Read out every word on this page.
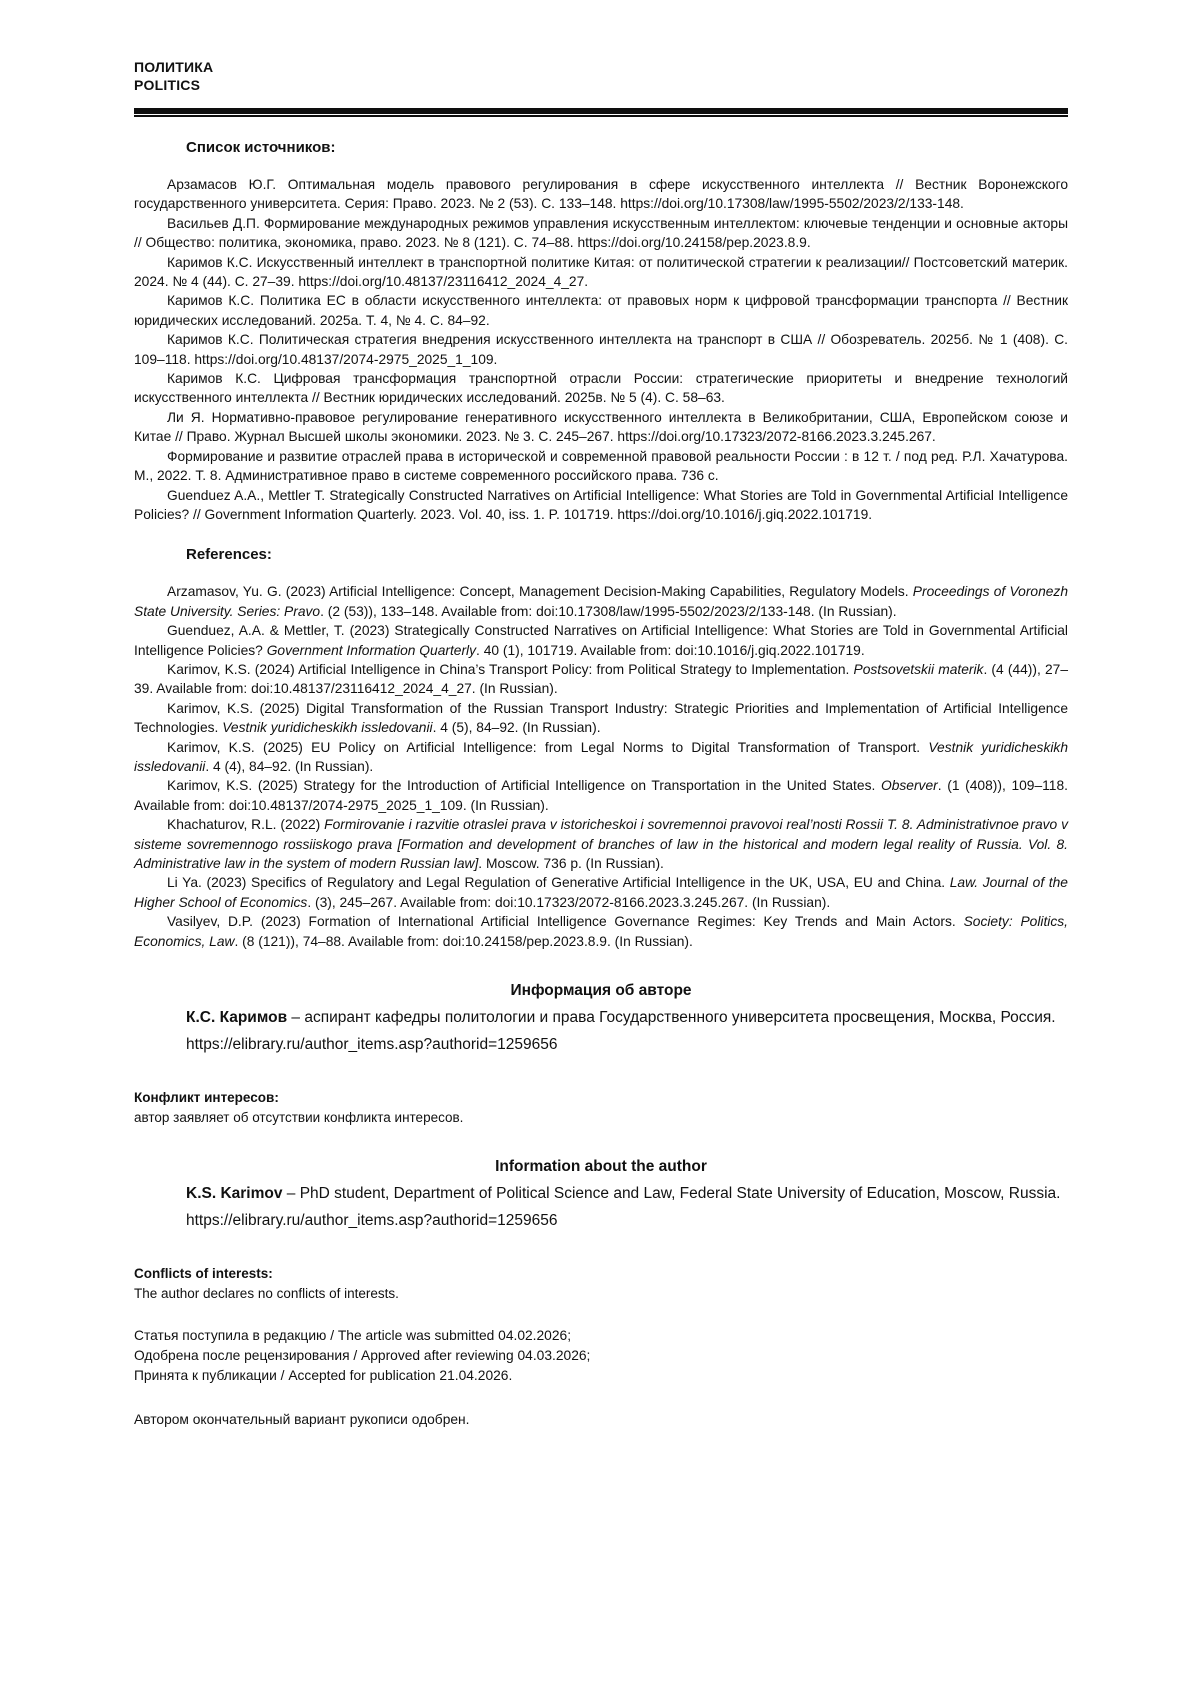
ПОЛИТИКА
POLITICS
Список источников:

Арзамасов Ю.Г. Оптимальная модель правового регулирования в сфере искусственного интеллекта // Вестник Воронежского государственного университета. Серия: Право. 2023. № 2 (53). С. 133–148. https://doi.org/10.17308/law/1995-5502/2023/2/133-148.

Васильев Д.П. Формирование международных режимов управления искусственным интеллектом: ключевые тенденции и основные акторы // Общество: политика, экономика, право. 2023. № 8 (121). С. 74–88. https://doi.org/10.24158/pep.2023.8.9.

Каримов К.С. Искусственный интеллект в транспортной политике Китая: от политической стратегии к реализации// Постсоветский материк. 2024. № 4 (44). С. 27–39. https://doi.org/10.48137/23116412_2024_4_27.

Каримов К.С. Политика ЕС в области искусственного интеллекта: от правовых норм к цифровой трансформации транспорта // Вестник юридических исследований. 2025а. Т. 4, № 4. С. 84–92.

Каримов К.С. Политическая стратегия внедрения искусственного интеллекта на транспорт в США // Обозреватель. 2025б. № 1 (408). С. 109–118. https://doi.org/10.48137/2074-2975_2025_1_109.

Каримов К.С. Цифровая трансформация транспортной отрасли России: стратегические приоритеты и внедрение технологий искусственного интеллекта // Вестник юридических исследований. 2025в. № 5 (4). С. 58–63.

Ли Я. Нормативно-правовое регулирование генеративного искусственного интеллекта в Великобритании, США, Европейском союзе и Китае // Право. Журнал Высшей школы экономики. 2023. № 3. С. 245–267. https://doi.org/10.17323/2072-8166.2023.3.245.267.

Формирование и развитие отраслей права в исторической и современной правовой реальности России : в 12 т. / под ред. Р.Л. Хачатурова. М., 2022. Т. 8. Административное право в системе современного российского права. 736 с.

Guenduez A.A., Mettler T. Strategically Constructed Narratives on Artificial Intelligence: What Stories are Told in Governmental Artificial Intelligence Policies? // Government Information Quarterly. 2023. Vol. 40, iss. 1. P. 101719. https://doi.org/10.1016/j.giq.2022.101719.

References:

Arzamasov, Yu. G. (2023) Artificial Intelligence: Concept, Management Decision-Making Capabilities, Regulatory Models. Proceedings of Voronezh State University. Series: Pravo. (2 (53)), 133–148. Available from: doi:10.17308/law/1995-5502/2023/2/133-148. (In Russian).

Guenduez, A.A. & Mettler, T. (2023) Strategically Constructed Narratives on Artificial Intelligence: What Stories are Told in Governmental Artificial Intelligence Policies? Government Information Quarterly. 40 (1), 101719. Available from: doi:10.1016/j.giq.2022.101719.

Karimov, K.S. (2024) Artificial Intelligence in China’s Transport Policy: from Political Strategy to Implementation. Postsovetskii materik. (4 (44)), 27–39. Available from: doi:10.48137/23116412_2024_4_27. (In Russian).

Karimov, K.S. (2025) Digital Transformation of the Russian Transport Industry: Strategic Priorities and Implementation of Artificial Intelligence Technologies. Vestnik yuridicheskikh issledovanii. 4 (5), 84–92. (In Russian).

Karimov, K.S. (2025) EU Policy on Artificial Intelligence: from Legal Norms to Digital Transformation of Transport. Vestnik yuridicheskikh issledovanii. 4 (4), 84–92. (In Russian).

Karimov, K.S. (2025) Strategy for the Introduction of Artificial Intelligence on Transportation in the United States. Observer. (1 (408)), 109–118. Available from: doi:10.48137/2074-2975_2025_1_109. (In Russian).

Khachaturov, R.L. (2022) Formirovanie i razvitie otraslei prava v istoricheskoi i sovremennoi pravovoi real’nosti Rossii T. 8. Administrativnoe pravo v sisteme sovremennogo rossiiskogo prava [Formation and development of branches of law in the historical and modern legal reality of Russia. Vol. 8. Administrative law in the system of modern Russian law]. Moscow. 736 p. (In Russian).

Li Ya. (2023) Specifics of Regulatory and Legal Regulation of Generative Artificial Intelligence in the UK, USA, EU and China. Law. Journal of the Higher School of Economics. (3), 245–267. Available from: doi:10.17323/2072-8166.2023.3.245.267. (In Russian).

Vasilyev, D.P. (2023) Formation of International Artificial Intelligence Governance Regimes: Key Trends and Main Actors. Society: Politics, Economics, Law. (8 (121)), 74–88. Available from: doi:10.24158/pep.2023.8.9. (In Russian).

Информация об авторе

К.С. Каримов – аспирант кафедры политологии и права Государственного университета просвещения, Москва, Россия.

https://elibrary.ru/author_items.asp?authorid=1259656

Конфликт интересов:

автор заявляет об отсутствии конфликта интересов.

Information about the author

K.S. Karimov – PhD student, Department of Political Science and Law, Federal State University of Education, Moscow, Russia.

https://elibrary.ru/author_items.asp?authorid=1259656

Conflicts of interests:

The author declares no conflicts of interests.

Статья поступила в редакцию / The article was submitted 04.02.2026;

Одобрена после рецензирования / Approved after reviewing 04.03.2026;

Принята к публикации / Accepted for publication 21.04.2026.

Автором окончательный вариант рукописи одобрен.
